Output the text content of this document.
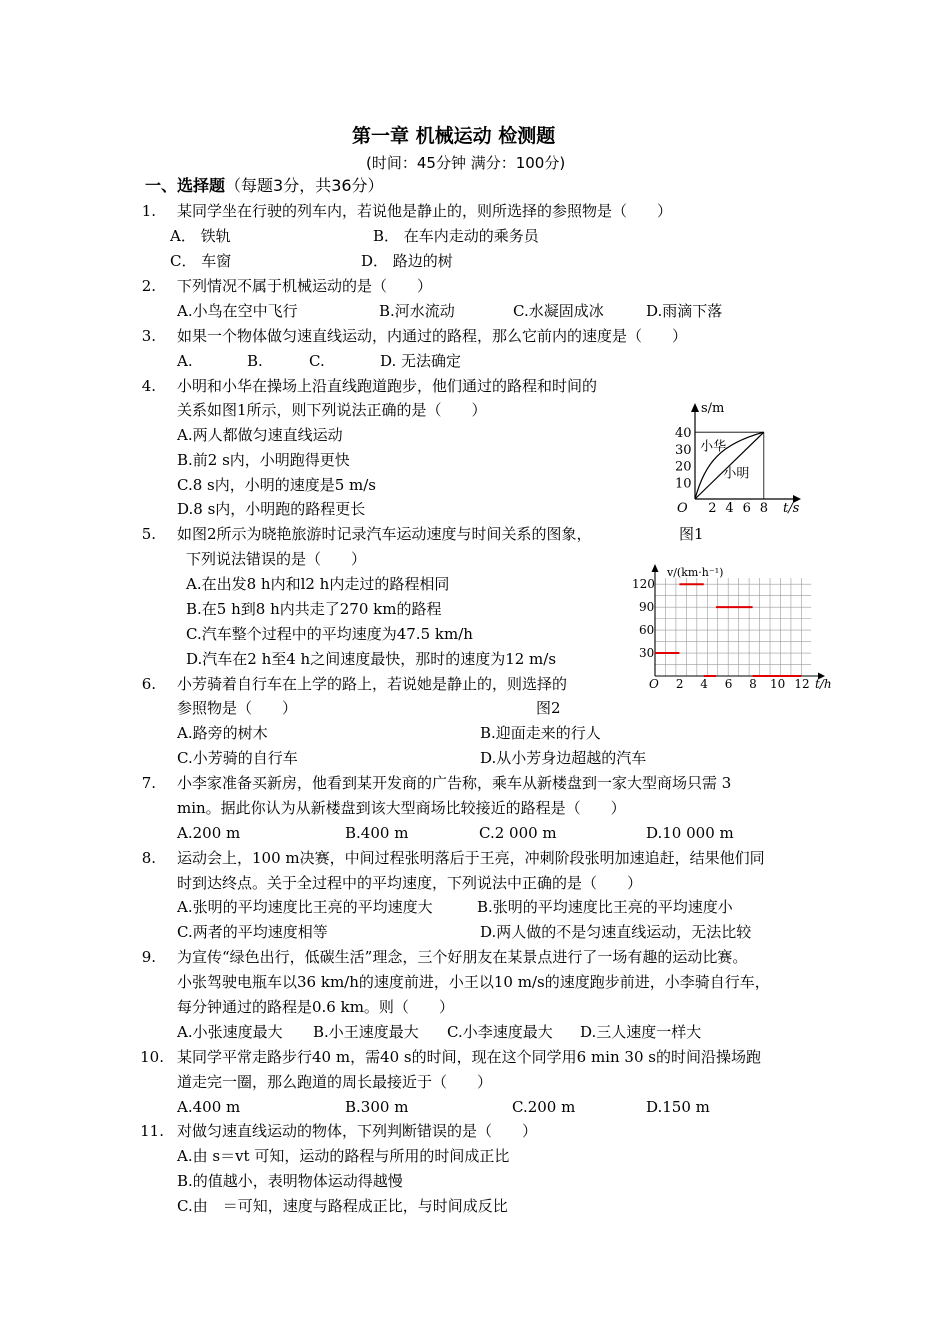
第一章 机械运动 检测题
(时间：45分钟 满分：100分)
一、选择题（每题3分，共36分）
1. 某同学坐在行驶的列车内，若说他是静止的，则所选择的参照物是（　　）
A． 铁轨	B． 在车内走动的乘务员
C． 车窗	D． 路边的树
2. 下列情况不属于机械运动的是（　　）
A.小鸟在空中飞行	B.河水流动	C.水凝固成冰	D.雨滴下落
3. 如果一个物体做匀速直线运动，内通过的路程，那么它前内的速度是（　　）
A.	B.	C.	D. 无法确定
4. 小明和小华在操场上沿直线跑道跑步，他们通过的路程和时间的
关系如图1所示，则下列说法正确的是（　　）
A.两人都做匀速直线运动
B.前2 s内，小明跑得更快
C.8 s内，小明的速度是5 m/s
D.8 s内，小明跑的路程更长
5. 如图2所示为晓艳旅游时记录汽车运动速度与时间关系的图象，	图1
下列说法错误的是（　　）
A.在出发8 h内和l2 h内走过的路程相同
B.在5 h到8 h内共走了270 km的路程
C.汽车整个过程中的平均速度为47.5 km/h
D.汽车在2 h至4 h之间速度最快，那时的速度为12 m/s
6. 小芳骑着自行车在上学的路上，若说她是静止的，则选择的
参照物是（　　）	图2
A.路旁的树木	B.迎面走来的行人
C.小芳骑的自行车	D.从小芳身边超越的汽车
7. 小李家准备买新房，他看到某开发商的广告称，乘车从新楼盘到一家大型商场只需 3
min。据此你认为从新楼盘到该大型商场比较接近的路程是（　　）
A.200 m	B.400 m	C.2 000 m	D.10 000 m
8. 运动会上，100 m决赛，中间过程张明落后于王亮，冲刺阶段张明加速追赶，结果他们同
时到达终点。关于全过程中的平均速度，下列说法中正确的是（　　）
A.张明的平均速度比王亮的平均速度大	B.张明的平均速度比王亮的平均速度小
C.两者的平均速度相等	D.两人做的不是匀速直线运动，无法比较
9. 为宣传“绿色出行，低碳生活”理念，三个好朋友在某景点进行了一场有趣的运动比赛。
小张驾驶电瓶车以36 km/h的速度前进，小王以10 m/s的速度跑步前进，小李骑自行车，
每分钟通过的路程是0.6 km。则（　　）
A.小张速度最大 B.小王速度最大 C.小李速度最大 D.三人速度一样大
10. 某同学平常走路步行40 m，需40 s的时间，现在这个同学用6 min 30 s的时间沿操场跑
道走完一圈，那么跑道的周长最接近于（　　）
A.400 m	B.300 m	C.200 m	D.150 m
11. 对做匀速直线运动的物体，下列判断错误的是（　　）
A.由 s＝vt 可知，运动的路程与所用的时间成正比
B.的值越小，表明物体运动得越慢
C.由　＝可知，速度与路程成正比，与时间成反比
s/m
t/s
O 2 4 6 8
10
20
30
40
小华
小明
v/(km·h⁻¹)
t/h
O 2 4 6 8 10 12
30
60
90
120
